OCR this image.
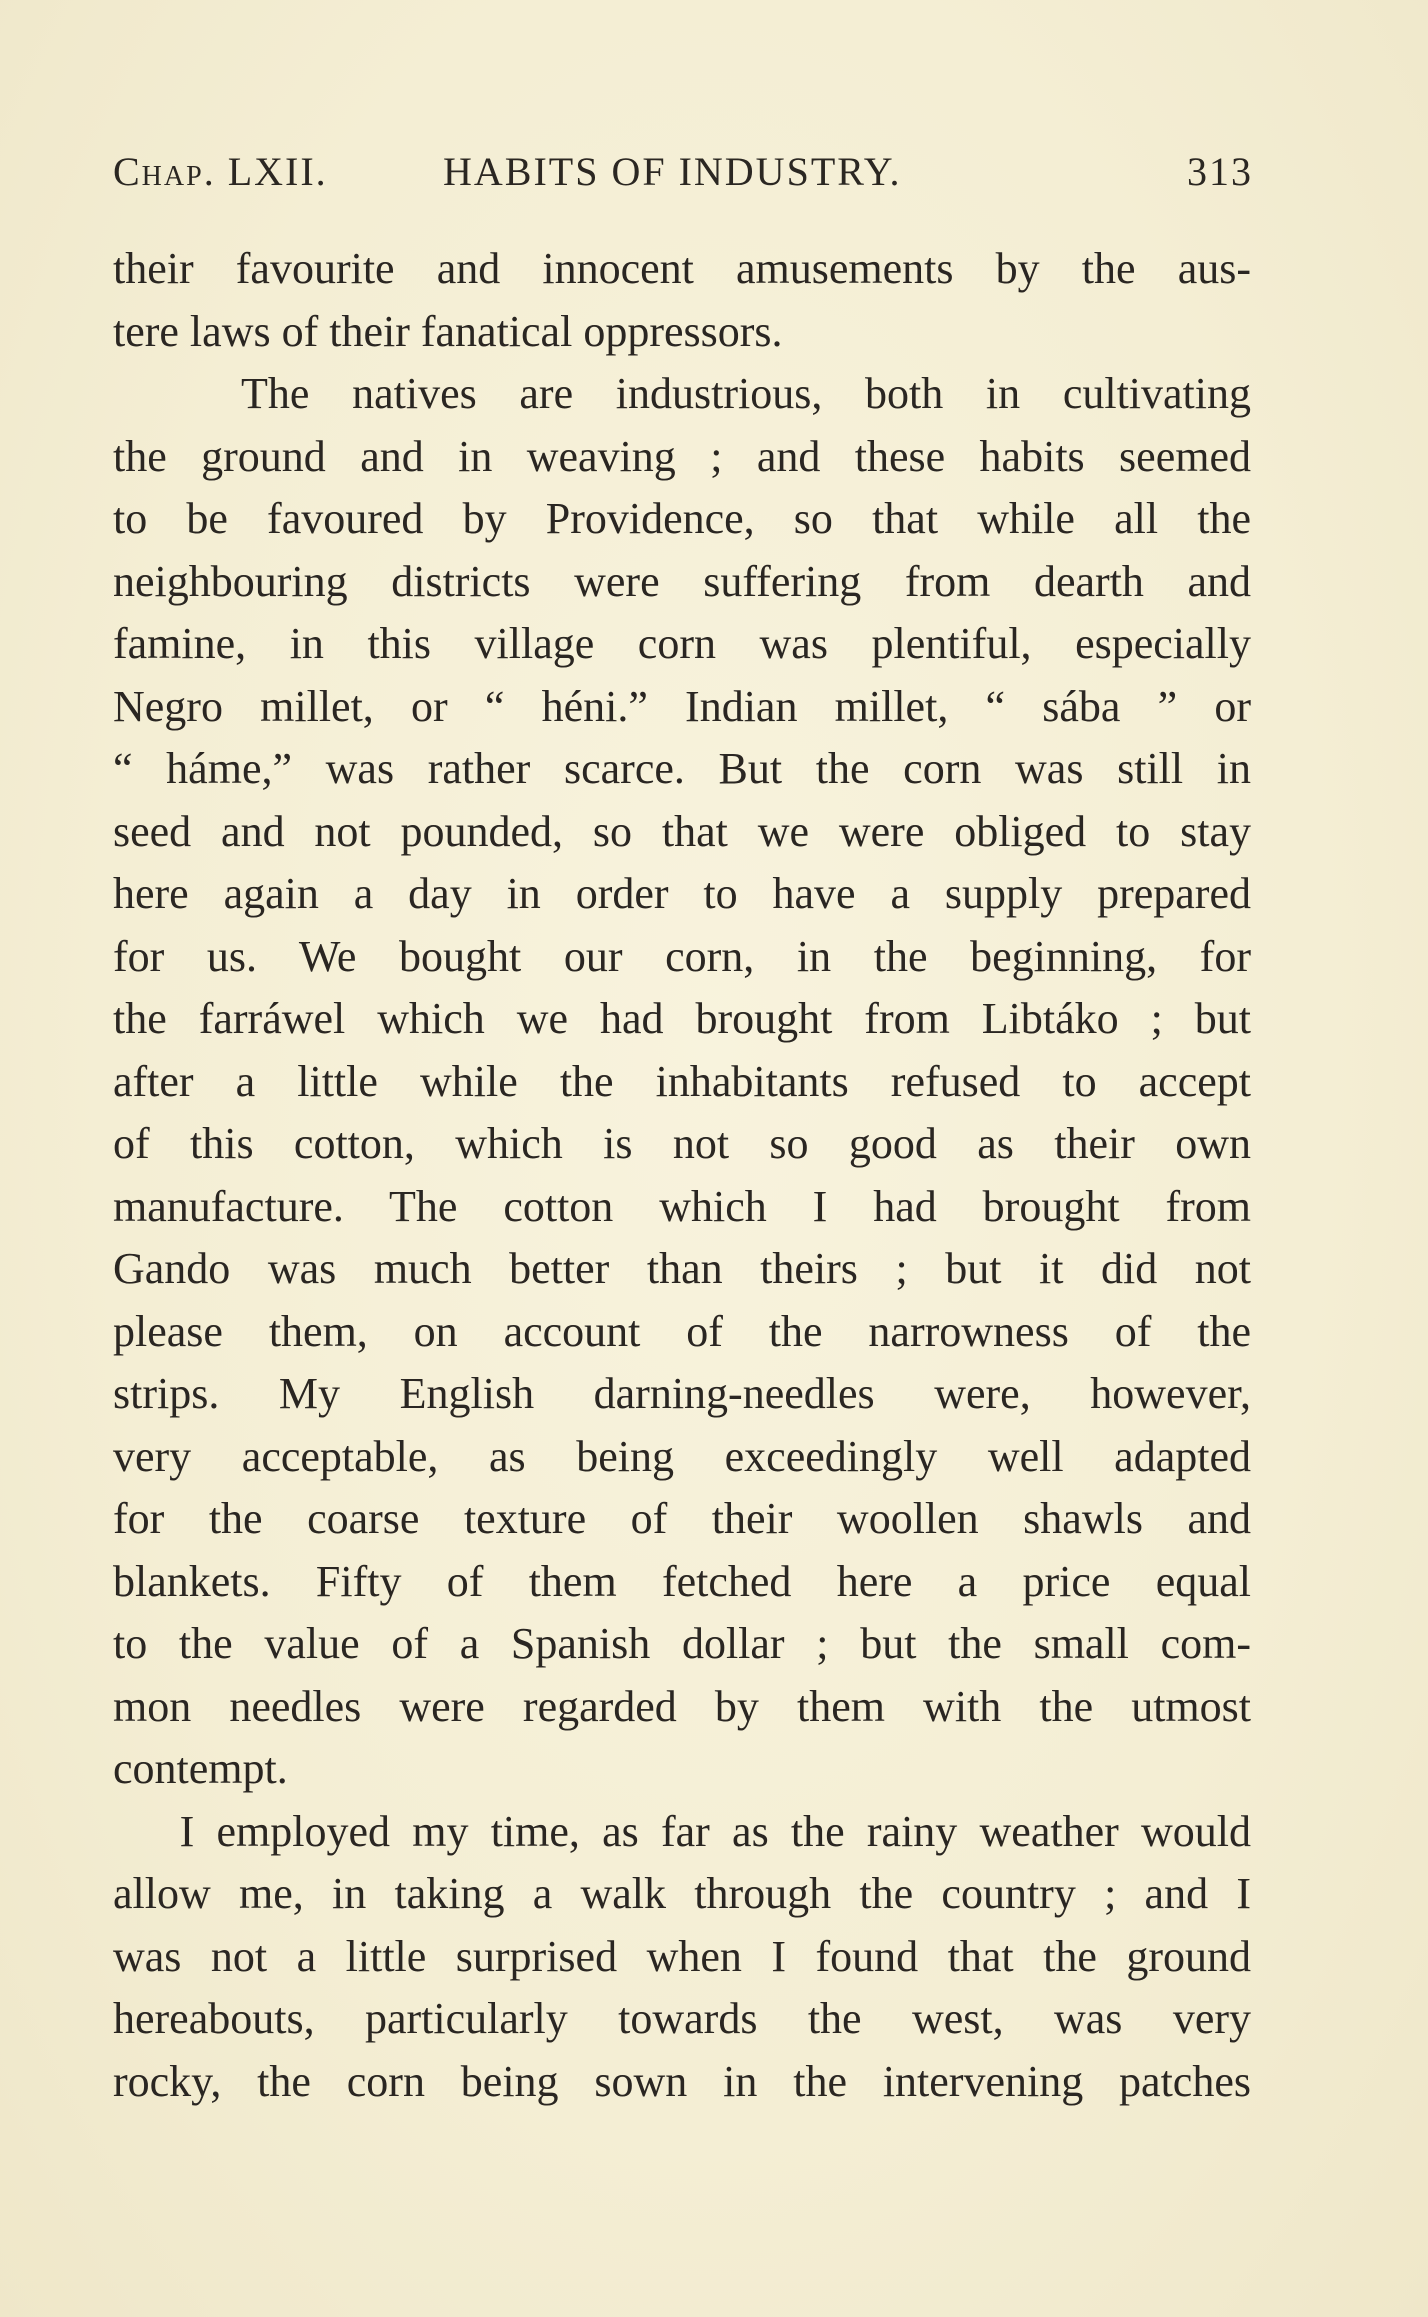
Chap. LXII.	HABITS OF INDUSTRY.	313
their favourite and innocent amusements by the aus-
tere laws of their fanatical oppressors.
The natives are industrious, both in cultivating
the ground and in weaving ; and these habits seemed
to be favoured by Providence, so that while all the
neighbouring districts were suffering from dearth and
famine, in this village corn was plentiful, especially
Negro millet, or “ héni.” Indian millet, “ sába ” or
“ háme,” was rather scarce. But the corn was still in
seed and not pounded, so that we were obliged to stay
here again a day in order to have a supply prepared
for us. We bought our corn, in the beginning, for
the farráwel which we had brought from Libtáko ; but
after a little while the inhabitants refused to accept
of this cotton, which is not so good as their own
manufacture. The cotton which I had brought from
Gando was much better than theirs ; but it did not
please them, on account of the narrowness of the
strips. My English darning-needles were, however,
very acceptable, as being exceedingly well adapted
for the coarse texture of their woollen shawls and
blankets. Fifty of them fetched here a price equal
to the value of a Spanish dollar ; but the small com-
mon needles were regarded by them with the utmost
contempt.
I employed my time, as far as the rainy weather would
allow me, in taking a walk through the country ; and I
was not a little surprised when I found that the ground
hereabouts, particularly towards the west, was very
rocky, the corn being sown in the intervening patches
